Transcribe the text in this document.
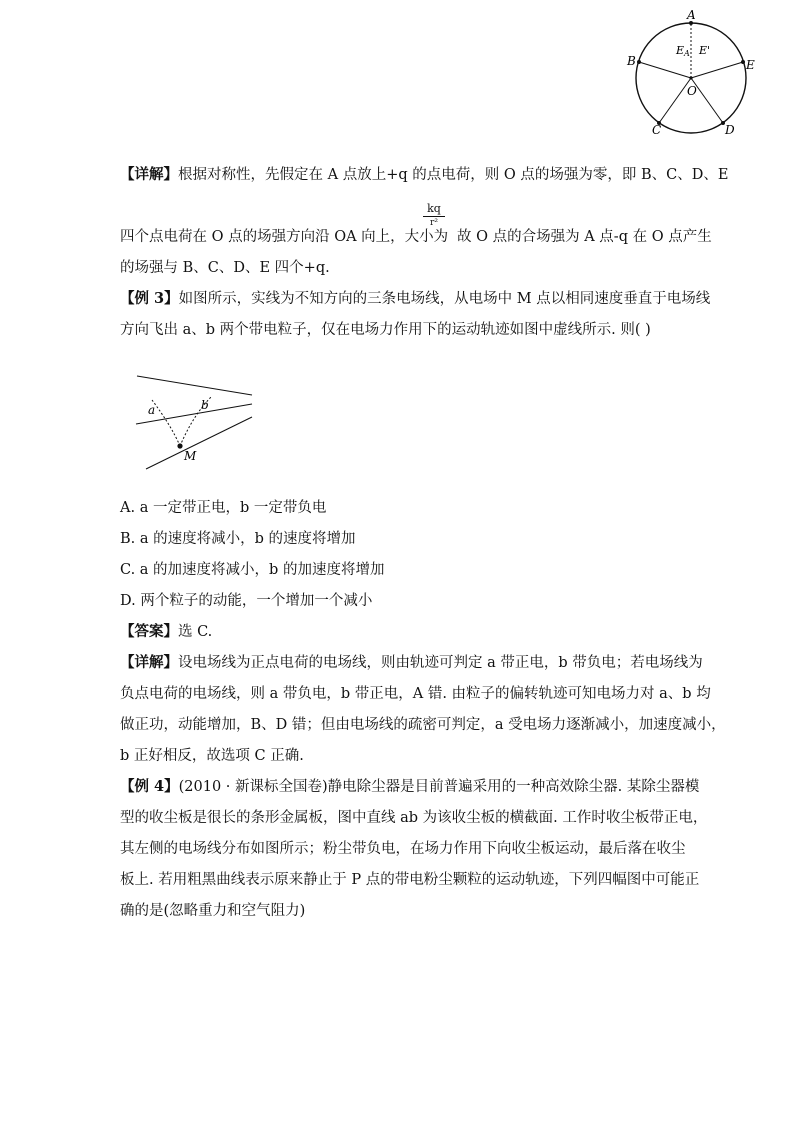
A
B	E
C	D
O
EA E'
【详解】根据对称性，先假定在 A 点放上+q 的点电荷，则 O 点的场强为零，即 B、C、D、E
kq
r²
四个点电荷在 O 点的场强方向沿 OA 向上，大小为 故 O 点的合场强为 A 点-q 在 O 点产生
的场强与 B、C、D、E 四个+q.
【例 3】如图所示，实线为不知方向的三条电场线，从电场中 M 点以相同速度垂直于电场线
方向飞出 a、b 两个带电粒子，仅在电场力作用下的运动轨迹如图中虚线所示. 则( )
a	b
M
A. a 一定带正电，b 一定带负电
B. a 的速度将减小，b 的速度将增加
C. a 的加速度将减小，b 的加速度将增加
D. 两个粒子的动能，一个增加一个减小
【答案】选 C.
【详解】设电场线为正点电荷的电场线，则由轨迹可判定 a 带正电，b 带负电；若电场线为
负点电荷的电场线，则 a 带负电，b 带正电，A 错. 由粒子的偏转轨迹可知电场力对 a、b 均
做正功，动能增加，B、D 错；但由电场线的疏密可判定，a 受电场力逐渐减小，加速度减小，
b 正好相反，故选项 C 正确.
【例 4】(2010 · 新课标全国卷)静电除尘器是目前普遍采用的一种高效除尘器. 某除尘器模
型的收尘板是很长的条形金属板，图中直线 ab 为该收尘板的横截面. 工作时收尘板带正电，
其左侧的电场线分布如图所示；粉尘带负电，在场力作用下向收尘板运动，最后落在收尘
板上. 若用粗黑曲线表示原来静止于 P 点的带电粉尘颗粒的运动轨迹，下列四幅图中可能正
确的是(忽略重力和空气阻力)
